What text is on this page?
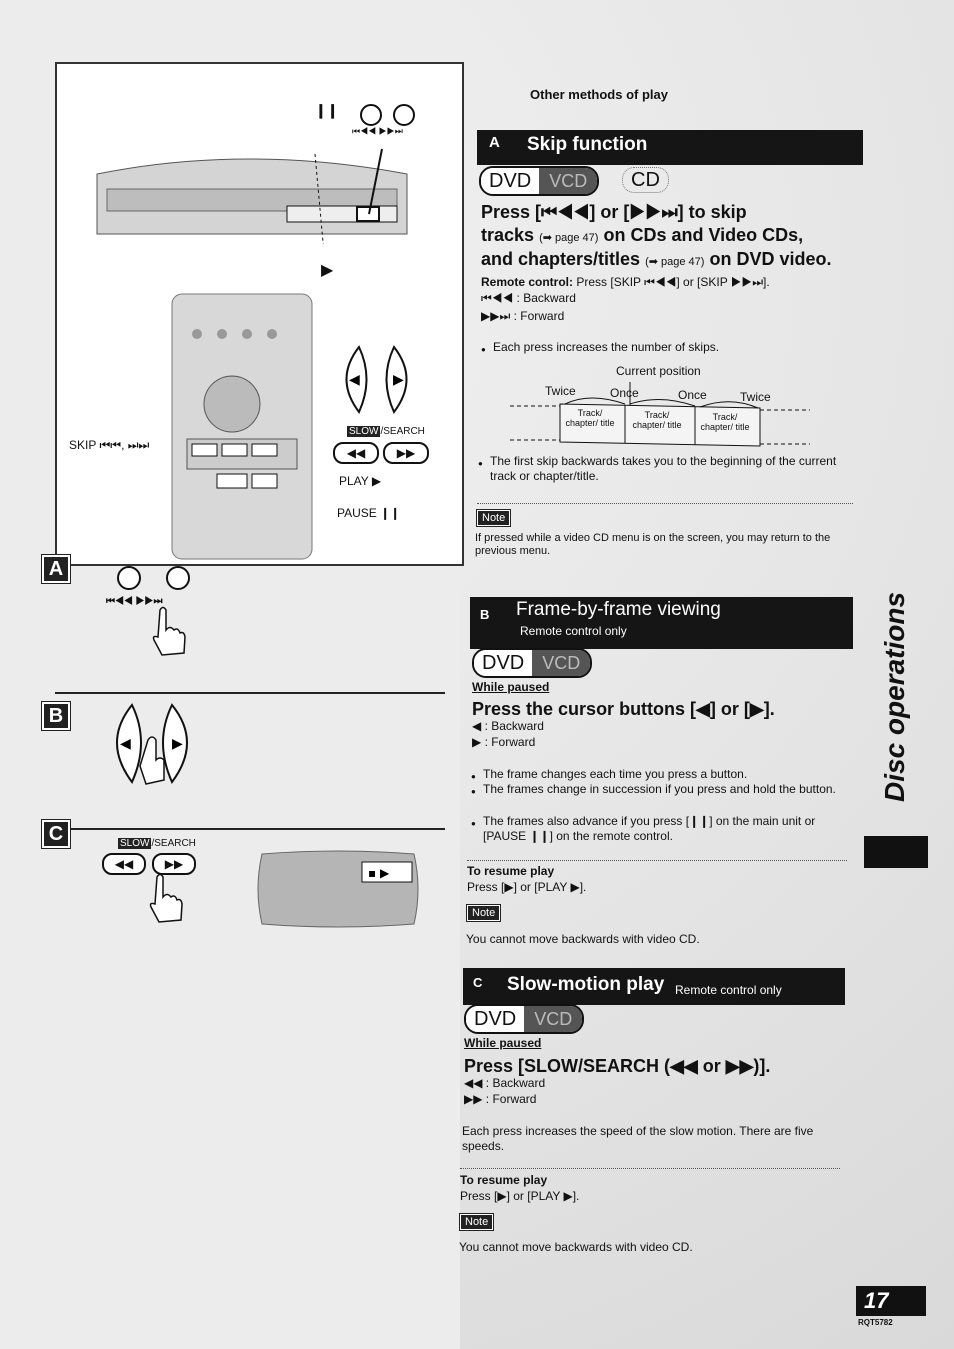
❙❙
⏮◀◀ ▶▶⏭
▶
◀ ▶
SLOW /SEARCH
◀◀	▶▶
SKIP ⏮⏮, ⏭⏭
PLAY ▶
PAUSE ❙❙
A
⏮◀◀ ▶▶⏭
B
◀	▶
C	SLOW /SEARCH
◀◀	▶▶
▪ ▶
Other methods of play
A Skip function
DVD	VCD	CD
Press [⏮◀◀] or [▶▶⏭] to skip
tracks (➡ page 47) on CDs and Video CDs,
and chapters/titles (➡ page 47) on DVD video.
Remote control: Press [SKIP ⏮◀◀] or [SKIP ▶▶⏭].
⏮◀◀ : Backward
▶▶⏭ : Forward
● Each press increases the number of skips.
Current position
Twice	Once	Once	Twice
Track/ chapter/ title
Track/ chapter/ title
Track/ chapter/ title
● The first skip backwards takes you to the beginning of the current track or chapter/title.
Note
If pressed while a video CD menu is on the screen, you may return to the previous menu.
B Frame-by-frame viewing
Remote control only
DVD	VCD
While paused
Press the cursor buttons [◀] or [▶].
◀ : Backward
▶ : Forward
● The frame changes each time you press a button.
● The frames change in succession if you press and hold the button.
● The frames also advance if you press [❙❙] on the main unit or [PAUSE ❙❙] on the remote control.
To resume play
Press [▶] or [PLAY ▶].
Note
You cannot move backwards with video CD.
C Slow-motion play Remote control only
DVD	VCD
While paused
Press [SLOW/SEARCH (◀◀ or ▶▶)].
◀◀ : Backward
▶▶ : Forward
Each press increases the speed of the slow motion. There are five speeds.
To resume play
Press [▶] or [PLAY ▶].
Note
You cannot move backwards with video CD.
Disc operations
17
RQT5782
